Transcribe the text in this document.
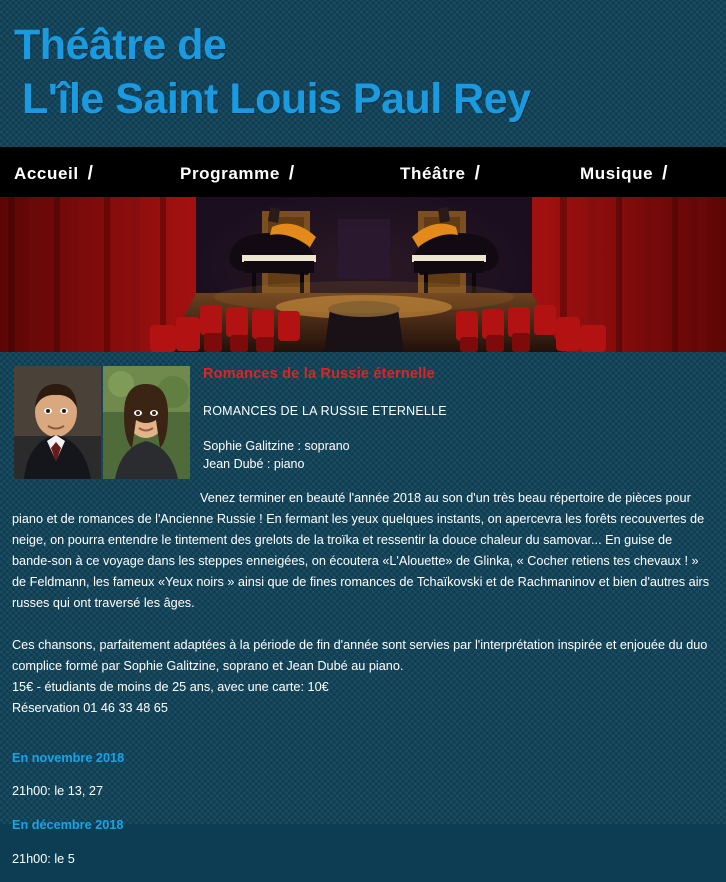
Théâtre de
L'île Saint Louis Paul Rey
Accueil /	Programme /	Théâtre /	Musique /
Romances de la Russie éternelle
ROMANCES DE LA RUSSIE ETERNELLE
Sophie Galitzine : soprano
Jean Dubé : piano

Venez terminer en beauté l'année 2018 au son d'un très beau répertoire de pièces pour piano et de romances de l'Ancienne Russie ! En fermant les yeux quelques instants, on apercevra les forêts recouvertes de neige, on pourra entendre le tintement des grelots de la troïka et ressentir la douce chaleur du samovar... En guise de bande-son à ce voyage dans les steppes enneigées, on écoutera «L'Alouette» de Glinka, « Cocher retiens tes chevaux ! » de Feldmann, les fameux «Yeux noirs » ainsi que de fines romances de Tchaïkovski et de Rachmaninov et bien d'autres airs russes qui ont traversé les âges.

Ces chansons, parfaitement adaptées à la période de fin d'année sont servies par l'interprétation inspirée et enjouée du duo complice formé par Sophie Galitzine, soprano et Jean Dubé au piano.

15€ - étudiants de moins de 25 ans, avec une carte: 10€

Réservation 01 46 33 48 65

En novembre 2018

21h00: le 13, 27

En décembre 2018

21h00: le 5
